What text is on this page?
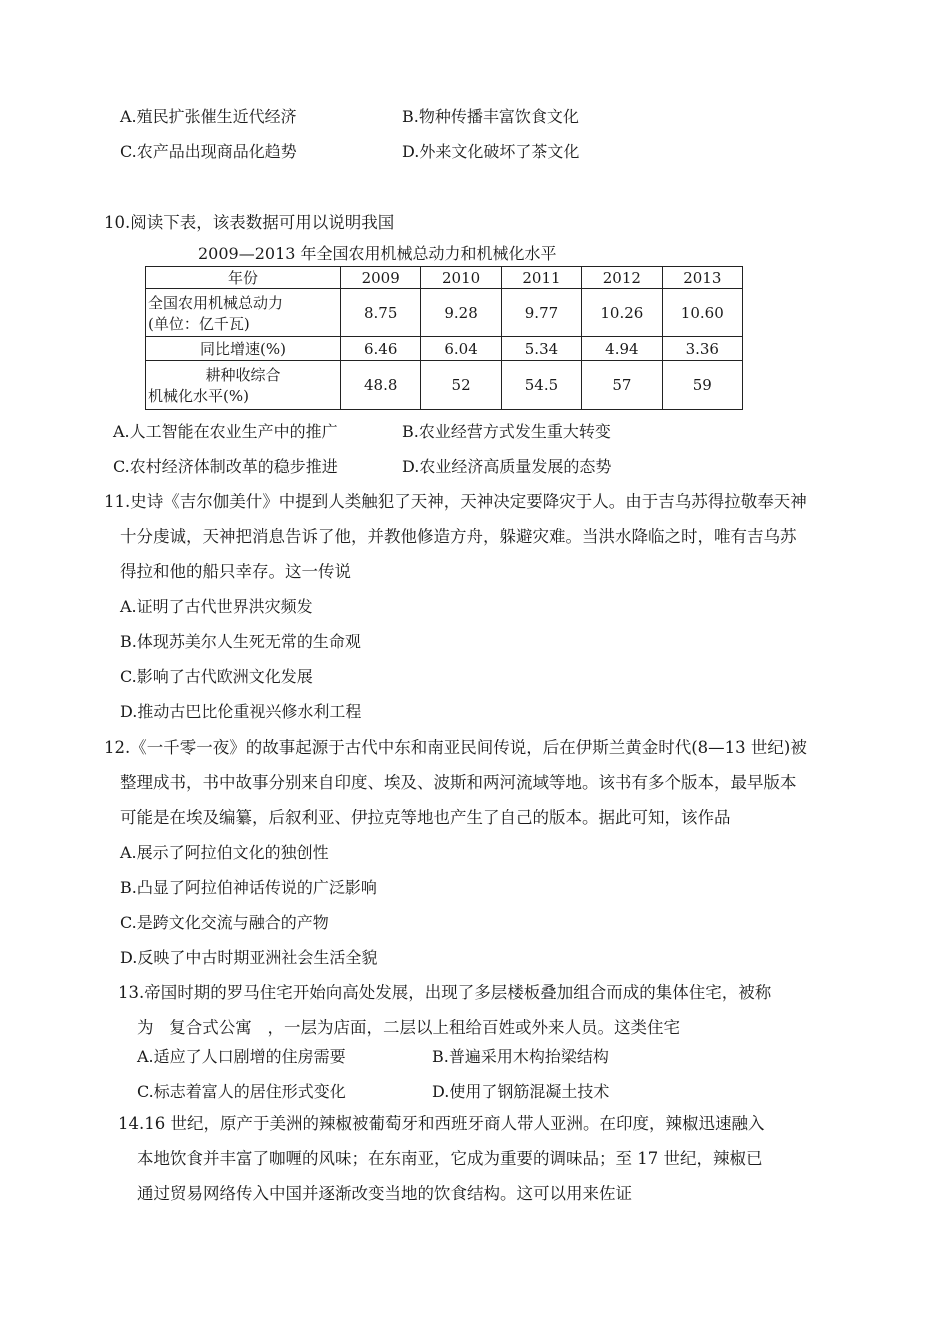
A.殖民扩张催生近代经济	B.物种传播丰富饮食文化
C.农产品出现商品化趋势	D.外来文化破坏了茶文化
10.阅读下表，该表数据可用以说明我国
2009—2013 年全国农用机械总动力和机械化水平
年份	2009	2010	2011	2012	2013

全国农用机械总动力
(单位：亿千瓦)	8.75	9.28	9.77	10.26	10.60
同比增速(%)	6.46	6.04	5.34	4.94	3.36

耕种收综合
机械化水平(%)	48.8	52	54.5	57	59
A.人工智能在农业生产中的推广	B.农业经营方式发生重大转变
C.农村经济体制改革的稳步推进	D.农业经济高质量发展的态势
11.史诗《吉尔伽美什》中提到人类触犯了天神，天神决定要降灾于人。由于吉乌苏得拉敬奉天神
十分虔诚，天神把消息告诉了他，并教他修造方舟，躲避灾难。当洪水降临之时，唯有吉乌苏
得拉和他的船只幸存。这一传说
A.证明了古代世界洪灾频发
B.体现苏美尔人生死无常的生命观
C.影响了古代欧洲文化发展
D.推动古巴比伦重视兴修水利工程
12.《一千零一夜》的故事起源于古代中东和南亚民间传说，后在伊斯兰黄金时代(8—13 世纪)被
整理成书，书中故事分别来自印度、埃及、波斯和两河流域等地。该书有多个版本，最早版本
可能是在埃及编纂，后叙利亚、伊拉克等地也产生了自己的版本。据此可知，该作品
A.展示了阿拉伯文化的独创性
B.凸显了阿拉伯神话传说的广泛影响
C.是跨文化交流与融合的产物
D.反映了中古时期亚洲社会生活全貌
13.帝国时期的罗马住宅开始向高处发展，出现了多层楼板叠加组合而成的集体住宅，被称
为   复合式公寓   ，一层为店面，二层以上租给百姓或外来人员。这类住宅
A.适应了人口剧增的住房需要	B.普遍采用木构抬梁结构
C.标志着富人的居住形式变化	D.使用了钢筋混凝土技术
14.16 世纪，原产于美洲的辣椒被葡萄牙和西班牙商人带人亚洲。在印度，辣椒迅速融入
本地饮食并丰富了咖喱的风味；在东南亚，它成为重要的调味品；至 17 世纪，辣椒已
通过贸易网络传入中国并逐渐改变当地的饮食结构。这可以用来佐证
